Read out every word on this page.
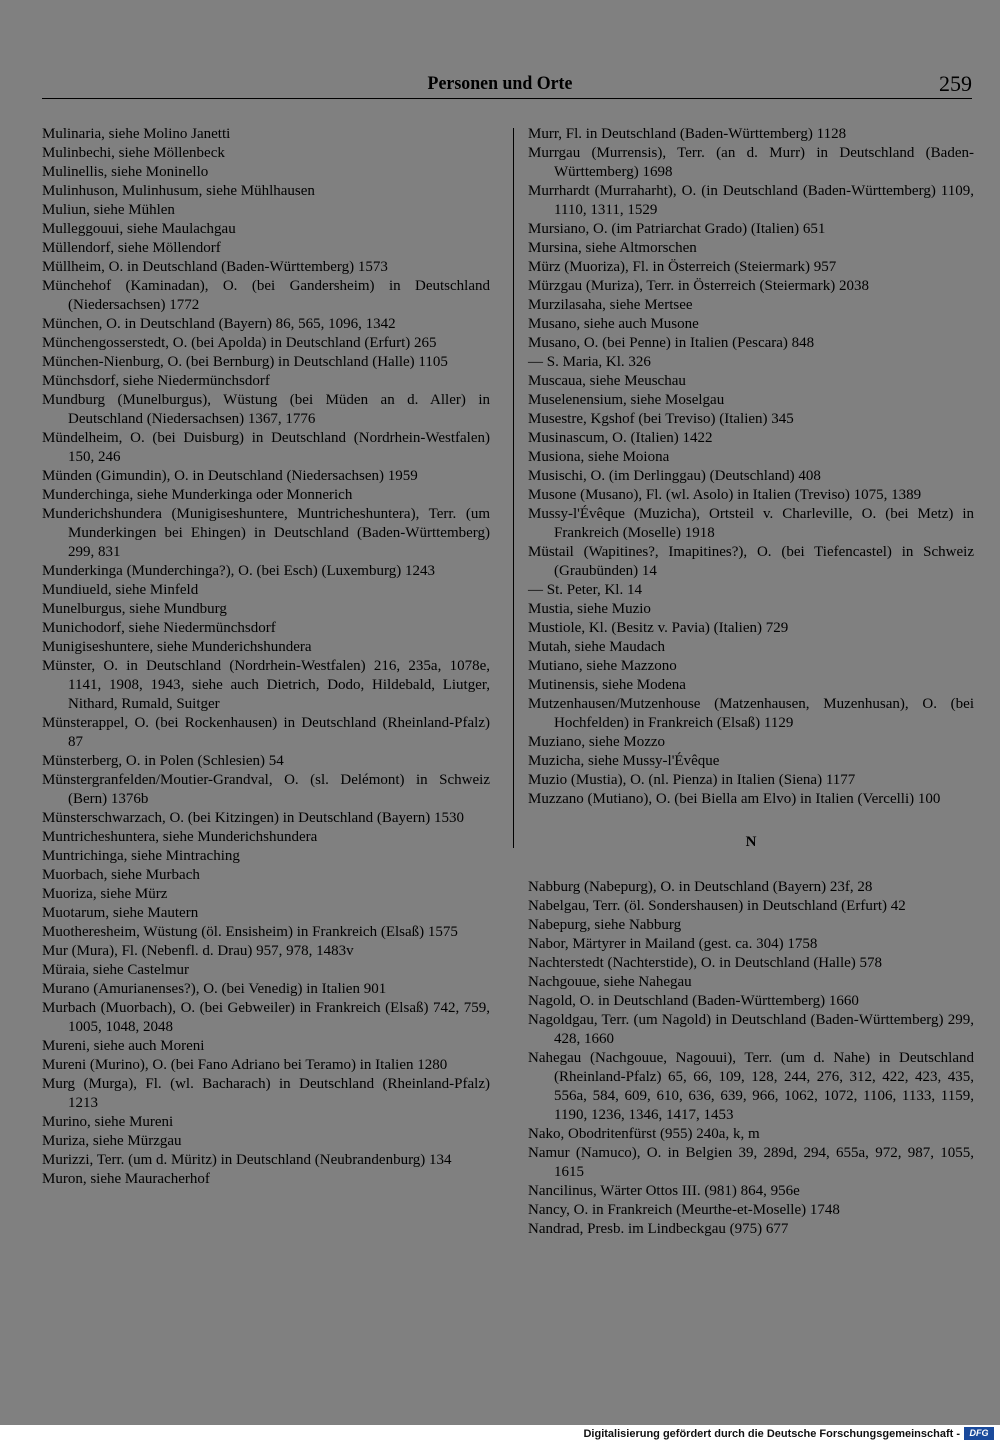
Personen und Orte	259

Mulinaria, siehe Molino Janetti

Mulinbechi, siehe Möllenbeck

Mulinellis, siehe Moninello

Mulinhuson, Mulinhusum, siehe Mühlhausen

Muliun, siehe Mühlen

Mulleggouui, siehe Maulachgau

Müllendorf, siehe Möllendorf

Müllheim, O. in Deutschland (Baden-Württemberg) 1573

Münchehof (Kaminadan), O. (bei Gandersheim) in Deutschland (Niedersachsen) 1772

München, O. in Deutschland (Bayern) 86, 565, 1096, 1342

Münchengosserstedt, O. (bei Apolda) in Deutschland (Erfurt) 265

München-Nienburg, O. (bei Bernburg) in Deutschland (Halle) 1105

Münchsdorf, siehe Niedermünchsdorf

Mundburg (Munelburgus), Wüstung (bei Müden an d. Aller) in Deutschland (Niedersachsen) 1367, 1776

Mündelheim, O. (bei Duisburg) in Deutschland (Nordrhein-Westfalen) 150, 246

Münden (Gimundin), O. in Deutschland (Niedersachsen) 1959

Munderchinga, siehe Munderkinga oder Monnerich

Munderichshundera (Munigiseshuntere, Muntricheshuntera), Terr. (um Munderkingen bei Ehingen) in Deutschland (Baden-Württemberg) 299, 831

Munderkinga (Munderchinga?), O. (bei Esch) (Luxemburg) 1243

Mundiueld, siehe Minfeld

Munelburgus, siehe Mundburg

Munichodorf, siehe Niedermünchsdorf

Munigiseshuntere, siehe Munderichshundera

Münster, O. in Deutschland (Nordrhein-Westfalen) 216, 235a, 1078e, 1141, 1908, 1943, siehe auch Dietrich, Dodo, Hildebald, Liutger, Nithard, Rumald, Suitger

Münsterappel, O. (bei Rockenhausen) in Deutschland (Rheinland-Pfalz) 87

Münsterberg, O. in Polen (Schlesien) 54

Münstergranfelden/Moutier-Grandval, O. (sl. Delémont) in Schweiz (Bern) 1376b

Münsterschwarzach, O. (bei Kitzingen) in Deutschland (Bayern) 1530

Muntricheshuntera, siehe Munderichshundera

Muntrichinga, siehe Mintraching

Muorbach, siehe Murbach

Muoriza, siehe Mürz

Muotarum, siehe Mautern

Muotheresheim, Wüstung (öl. Ensisheim) in Frankreich (Elsaß) 1575

Mur (Mura), Fl. (Nebenfl. d. Drau) 957, 978, 1483v

Müraia, siehe Castelmur

Murano (Amurianenses?), O. (bei Venedig) in Italien 901

Murbach (Muorbach), O. (bei Gebweiler) in Frankreich (Elsaß) 742, 759, 1005, 1048, 2048

Mureni, siehe auch Moreni

Mureni (Murino), O. (bei Fano Adriano bei Teramo) in Italien 1280

Murg (Murga), Fl. (wl. Bacharach) in Deutschland (Rheinland-Pfalz) 1213

Murino, siehe Mureni

Muriza, siehe Mürzgau

Murizzi, Terr. (um d. Müritz) in Deutschland (Neubrandenburg) 134

Muron, siehe Mauracherhof

Murr, Fl. in Deutschland (Baden-Württemberg) 1128

Murrgau (Murrensis), Terr. (an d. Murr) in Deutschland (Baden-Württemberg) 1698

Murrhardt (Murraharht), O. (in Deutschland (Baden-Württemberg) 1109, 1110, 1311, 1529

Mursiano, O. (im Patriarchat Grado) (Italien) 651

Mursina, siehe Altmorschen

Mürz (Muoriza), Fl. in Österreich (Steiermark) 957

Mürzgau (Muriza), Terr. in Österreich (Steiermark) 2038

Murzilasaha, siehe Mertsee

Musano, siehe auch Musone

Musano, O. (bei Penne) in Italien (Pescara) 848

— S. Maria, Kl. 326

Muscaua, siehe Meuschau

Muselenensium, siehe Moselgau

Musestre, Kgshof (bei Treviso) (Italien) 345

Musinascum, O. (Italien) 1422

Musiona, siehe Moiona

Musischi, O. (im Derlinggau) (Deutschland) 408

Musone (Musano), Fl. (wl. Asolo) in Italien (Treviso) 1075, 1389

Mussy-l'Évêque (Muzicha), Ortsteil v. Charleville, O. (bei Metz) in Frankreich (Moselle) 1918

Müstail (Wapitines?, Imapitines?), O. (bei Tiefencastel) in Schweiz (Graubünden) 14

— St. Peter, Kl. 14

Mustia, siehe Muzio

Mustiole, Kl. (Besitz v. Pavia) (Italien) 729

Mutah, siehe Maudach

Mutiano, siehe Mazzono

Mutinensis, siehe Modena

Mutzenhausen/Mutzenhouse (Matzenhausen, Muzenhusan), O. (bei Hochfelden) in Frankreich (Elsaß) 1129

Muziano, siehe Mozzo

Muzicha, siehe Mussy-l'Évêque

Muzio (Mustia), O. (nl. Pienza) in Italien (Siena) 1177

Muzzano (Mutiano), O. (bei Biella am Elvo) in Italien (Vercelli) 100

N

Nabburg (Nabepurg), O. in Deutschland (Bayern) 23f, 28

Nabelgau, Terr. (öl. Sondershausen) in Deutschland (Erfurt) 42

Nabepurg, siehe Nabburg

Nabor, Märtyrer in Mailand (gest. ca. 304) 1758

Nachterstedt (Nachterstide), O. in Deutschland (Halle) 578

Nachgouue, siehe Nahegau

Nagold, O. in Deutschland (Baden-Württemberg) 1660

Nagoldgau, Terr. (um Nagold) in Deutschland (Baden-Württemberg) 299, 428, 1660

Nahegau (Nachgouue, Nagouui), Terr. (um d. Nahe) in Deutschland (Rheinland-Pfalz) 65, 66, 109, 128, 244, 276, 312, 422, 423, 435, 556a, 584, 609, 610, 636, 639, 966, 1062, 1072, 1106, 1133, 1159, 1190, 1236, 1346, 1417, 1453

Nako, Obodritenfürst (955) 240a, k, m

Namur (Namuco), O. in Belgien 39, 289d, 294, 655a, 972, 987, 1055, 1615

Nancilinus, Wärter Ottos III. (981) 864, 956e

Nancy, O. in Frankreich (Meurthe-et-Moselle) 1748

Nandrad, Presb. im Lindbeckgau (975) 677

Digitalisierung gefördert durch die Deutsche Forschungsgemeinschaft -	DFG
